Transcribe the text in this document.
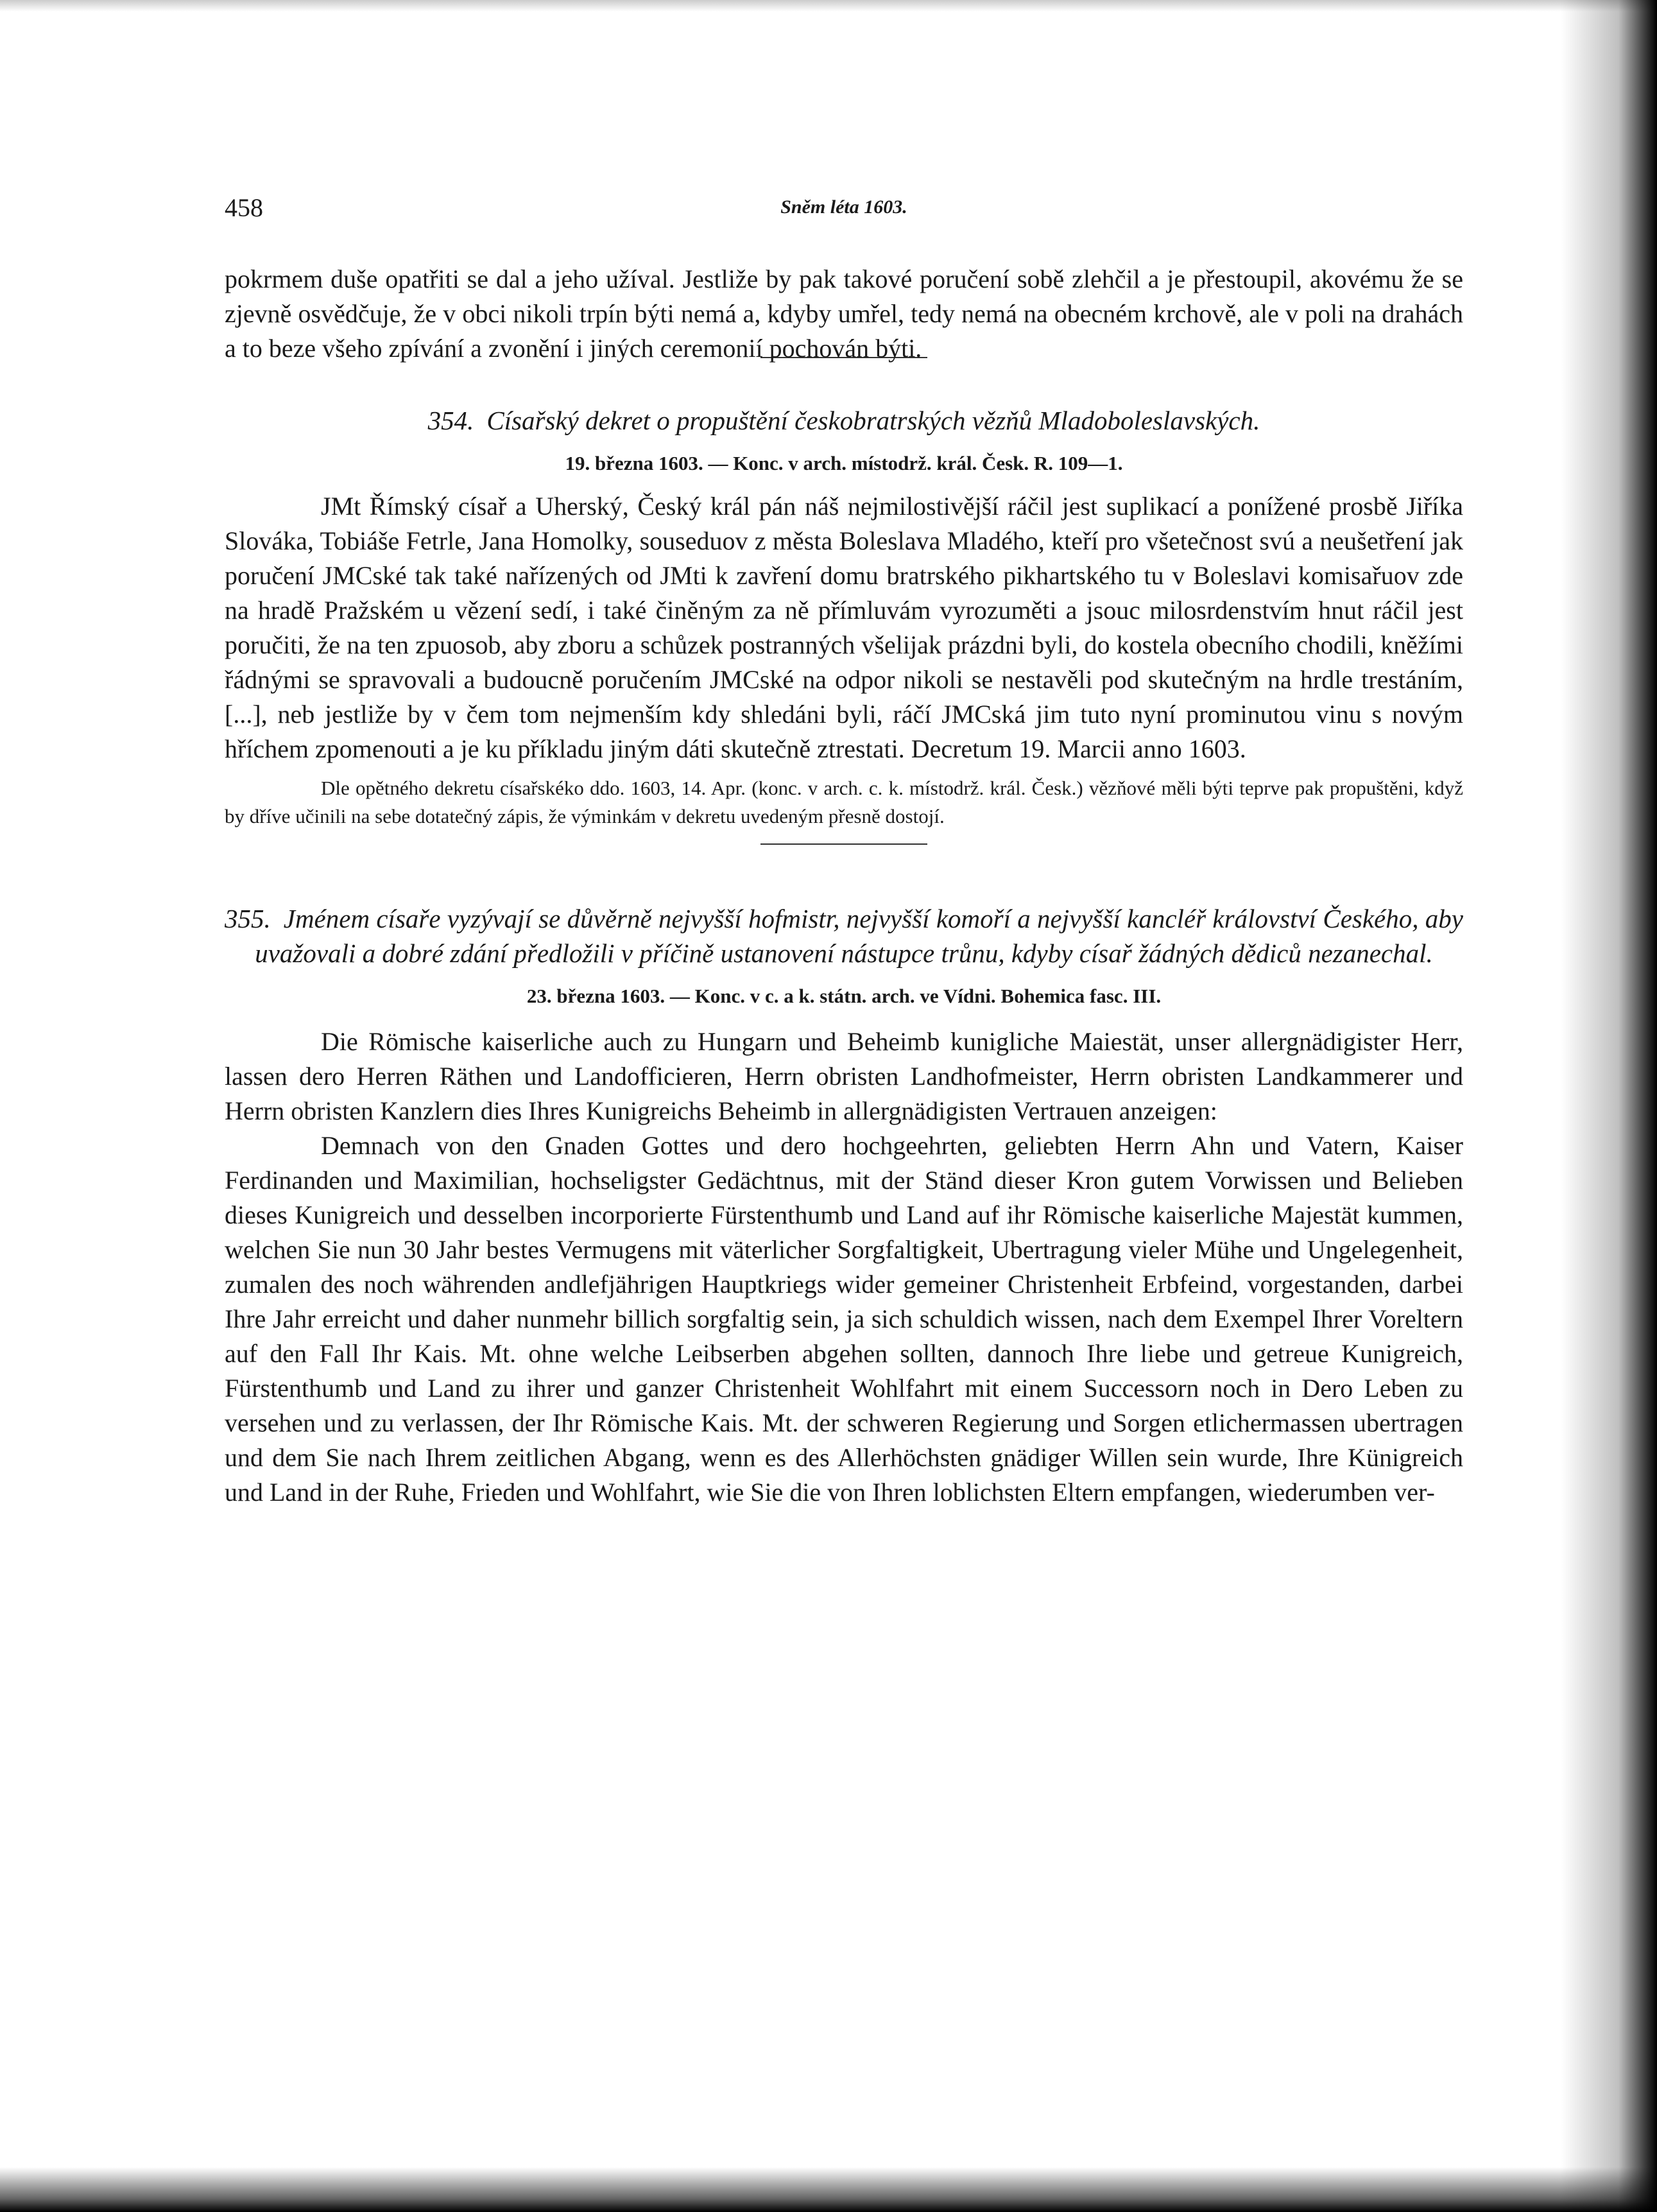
458	Sněm léta 1603.

pokrmem duše opatřiti se dal a jeho užíval. Jestliže by pak takové poručení sobě zlehčil a je přestoupil, akovému že se zjevně osvědčuje, že v obci nikoli trpín býti nemá a, kdyby umřel, tedy nemá na obecném krchově, ale v poli na drahách a to beze všeho zpívání a zvonění i jiných ceremonií pochován býti.

354. Císařský dekret o propuštění českobratrských vězňů Mladoboleslavských.

19. března 1603. — Konc. v arch. místodrž. král. Česk. R. 109—1.

JMt Římský císař a Uherský, Český král pán náš nejmilostivější ráčil jest suplikací a ponížené prosbě Jiříka Slováka, Tobiáše Fetrle, Jana Homolky, souseduov z města Boleslava Mladého, kteří pro všetečnost svú a neušetření jak poručení JMCské tak také nařízených od JMti k zavření domu bratrského pikhartského tu v Boleslavi komisařuov zde na hradě Pražském u vězení sedí, i také činěným za ně přímluvám vyrozuměti a jsouc milosrdenstvím hnut ráčil jest poručiti, že na ten zpuosob, aby zboru a schůzek postranných všelijak prázdni byli, do kostela obecního chodili, kněžími řádnými se spravovali a budoucně poručením JMCské na odpor nikoli se nestavěli pod skutečným na hrdle trestáním, [...], neb jestliže by v čem tom nejmenším kdy shledáni byli, ráčí JMCská jim tuto nyní prominutou vinu s novým hříchem zpomenouti a je ku příkladu jiným dáti skutečně ztrestati. Decretum 19. Marcii anno 1603.

Dle opětného dekretu císařskéko ddo. 1603, 14. Apr. (konc. v arch. c. k. místodrž. král. Česk.) vězňové měli býti teprve pak propuštěni, když by dříve učinili na sebe dotatečný zápis, že výminkám v dekretu uvedeným přesně dostojí.

355. Jménem císaře vyzývají se důvěrně nejvyšší hofmistr, nejvyšší komoří a nejvyšší kancléř království Českého, aby uvažovali a dobré zdání předložili v příčině ustanovení nástupce trůnu, kdyby císař žádných dědiců nezanechal.

23. března 1603. — Konc. v c. a k. státn. arch. ve Vídni. Bohemica fasc. III.

Die Römische kaiserliche auch zu Hungarn und Beheimb kunigliche Maiestät, unser allergnädigister Herr, lassen dero Herren Räthen und Landofficieren, Herrn obristen Landhofmeister, Herrn obristen Landkammerer und Herrn obristen Kanzlern dies Ihres Kunigreichs Beheimb in allergnädigisten Vertrauen anzeigen:

Demnach von den Gnaden Gottes und dero hochgeehrten, geliebten Herrn Ahn und Vatern, Kaiser Ferdinanden und Maximilian, hochseligster Gedächtnus, mit der Ständ dieser Kron gutem Vorwissen und Belieben dieses Kunigreich und desselben incorporierte Fürstenthumb und Land auf ihr Römische kaiserliche Majestät kummen, welchen Sie nun 30 Jahr bestes Vermugens mit väterlicher Sorgfaltigkeit, Ubertragung vieler Mühe und Ungelegenheit, zumalen des noch währenden andlefjährigen Hauptkriegs wider gemeiner Christenheit Erbfeind, vorgestanden, darbei Ihre Jahr erreicht und daher nunmehr billich sorgfaltig sein, ja sich schuldich wissen, nach dem Exempel Ihrer Voreltern auf den Fall Ihr Kais. Mt. ohne welche Leibserben abgehen sollten, dannoch Ihre liebe und getreue Kunigreich, Fürstenthumb und Land zu ihrer und ganzer Christenheit Wohlfahrt mit einem Successorn noch in Dero Leben zu versehen und zu verlassen, der Ihr Römische Kais. Mt. der schweren Regierung und Sorgen etlichermassen ubertragen und dem Sie nach Ihrem zeitlichen Abgang, wenn es des Allerhöchsten gnädiger Willen sein wurde, Ihre Künigreich und Land in der Ruhe, Frieden und Wohlfahrt, wie Sie die von Ihren loblichsten Eltern empfangen, wiederumben ver-
